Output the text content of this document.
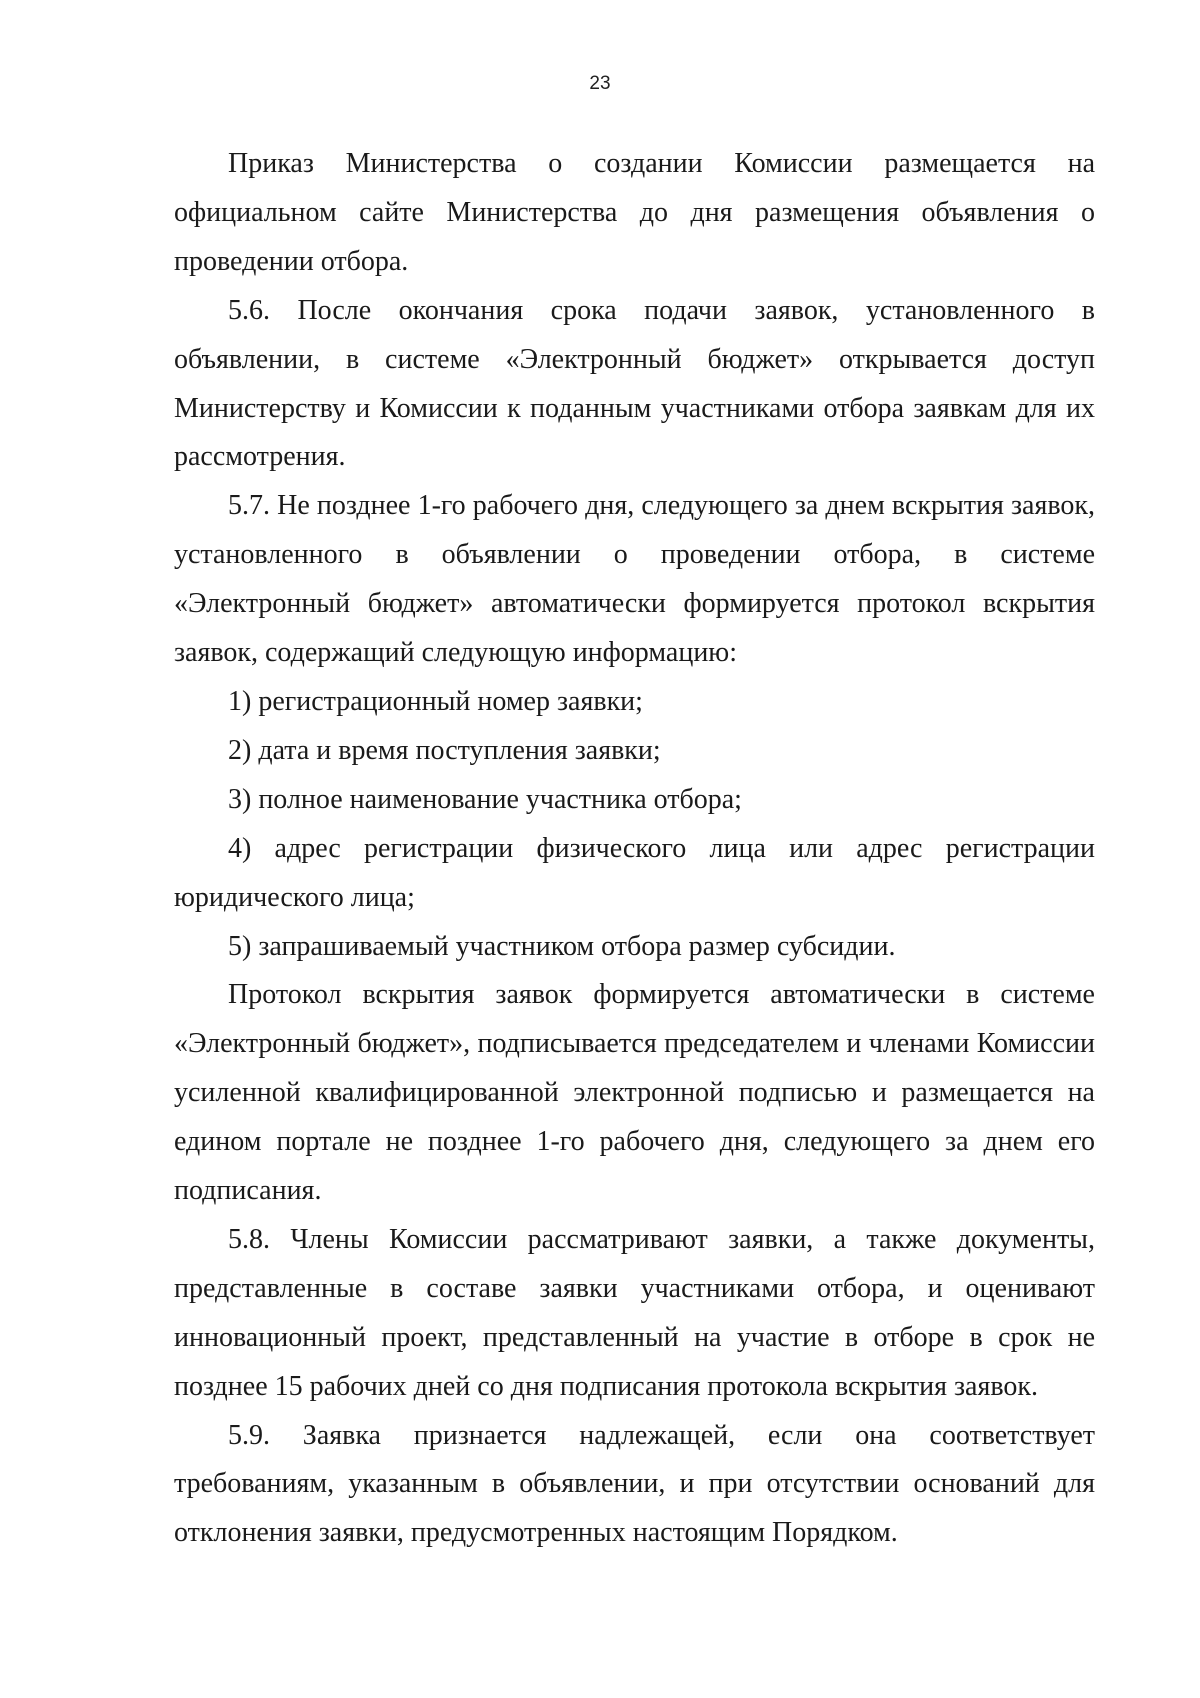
23

Приказ Министерства о создании Комиссии размещается на официальном сайте Министерства до дня размещения объявления о проведении отбора.

5.6. После окончания срока подачи заявок, установленного в объявлении, в системе «Электронный бюджет» открывается доступ Министерству и Комиссии к поданным участниками отбора заявкам для их рассмотрения.

5.7. Не позднее 1-го рабочего дня, следующего за днем вскрытия заявок, установленного в объявлении о проведении отбора, в системе «Электронный бюджет» автоматически формируется протокол вскрытия заявок, содержащий следующую информацию:

1) регистрационный номер заявки;

2) дата и время поступления заявки;

3) полное наименование участника отбора;

4) адрес регистрации физического лица или адрес регистрации юридического лица;

5) запрашиваемый участником отбора размер субсидии.

Протокол вскрытия заявок формируется автоматически в системе «Электронный бюджет», подписывается председателем и членами Комиссии усиленной квалифицированной электронной подписью и размещается на едином портале не позднее 1-го рабочего дня, следующего за днем его подписания.

5.8. Члены Комиссии рассматривают заявки, а также документы, представленные в составе заявки участниками отбора, и оценивают инновационный проект, представленный на участие в отборе в срок не позднее 15 рабочих дней со дня подписания протокола вскрытия заявок.

5.9. Заявка признается надлежащей, если она соответствует требованиям, указанным в объявлении, и при отсутствии оснований для отклонения заявки, предусмотренных настоящим Порядком.
